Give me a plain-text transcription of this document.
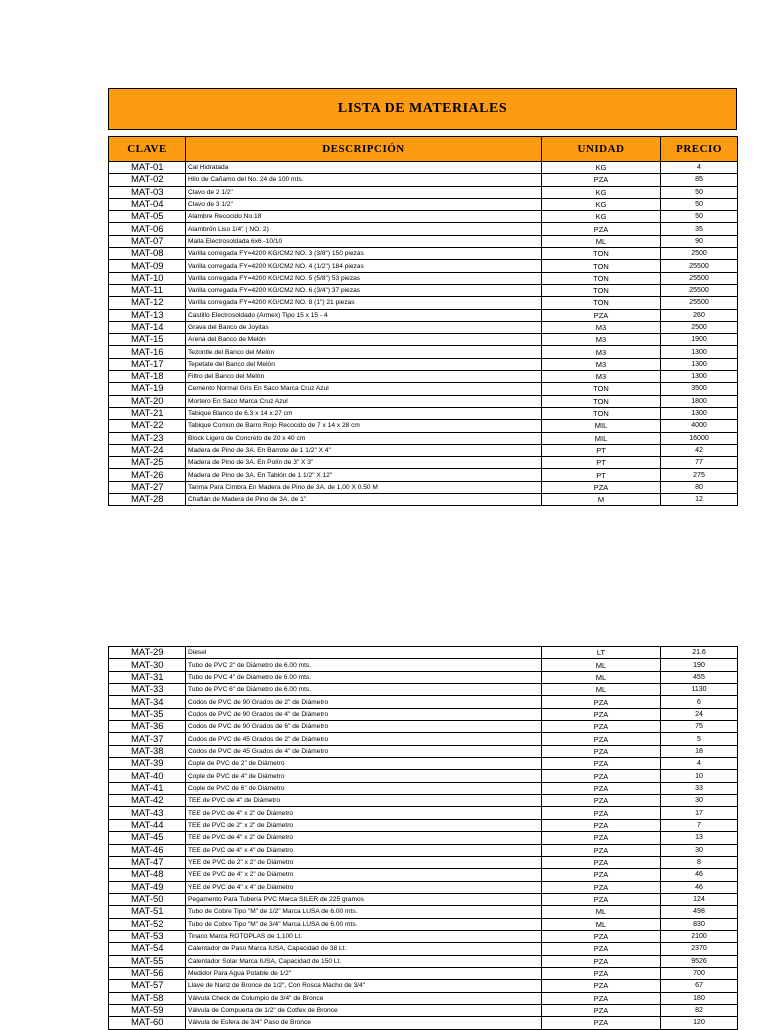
LISTA DE MATERIALES
CLAVE	DESCRIPCIÓN	UNIDAD	PRECIO
MAT-01	Cal Hidratada	KG	4
MAT-02	Hilo de Cañamo del No. 24 de 100 mts.	PZA	85
MAT-03	Clavo de 2 1/2"	KG	50
MAT-04	Clavo de 3 1/2"	KG	50
MAT-05	Alambre Recocido No.18	KG	50
MAT-06	Alambrón Liso 1/4" ( NO. 2)	PZA	35
MAT-07	Malla Electrosoldada 6x6 -10/10	ML	90
MAT-08	Varilla corregada FY=4200 KG/CM2 NO. 3 (3/8") 150 piezas	TON	2500
MAT-09	Varilla corregada FY=4200 KG/CM2 NO. 4 (1/2") 184 piezas	TON	25500
MAT-10	Varilla corregada FY=4200 KG/CM2 NO. 5 (5/8") 53 piezas	TON	25500
MAT-11	Varilla corregada FY=4200 KG/CM2 NO. 6 (3/4") 37 piezas	TON	25500
MAT-12	Varilla corregada FY=4200 KG/CM2 NO. 8 (1") 21 piezas	TON	25500
MAT-13	Castillo Electrosoldado (Armex) Tipo 15 x 15 - 4	PZA	260
MAT-14	Grava del Banco de Joyitas	M3	2500
MAT-15	Arena del Banco de Melón	M3	1900
MAT-16	Tezontle del Banco del Melón	M3	1300
MAT-17	Tepetate del Banco del Melón	M3	1300
MAT-18	Filtro del Banco del Melón	M3	1300
MAT-19	Cemento Normal Gris En Saco Marca Cruz Azul	TON	3500
MAT-20	Mortero En Saco Marca Cruz Azul	TON	1800
MAT-21	Tabique Blanco de 6.3 x 14 x 27 cm	TON	1300
MAT-22	Tabique Común de Barro Rojo Recocido de 7 x 14 x 28 cm	MIL	4000
MAT-23	Block Ligero de Concreto de 20 x 40 cm	MIL	16000
MAT-24	Madera de Pino de 3A. En Barrote de 1 1/2" X 4"	PT	42
MAT-25	Madera de Pino de 3A. En Polín de 3" X 3"	PT	77
MAT-26	Madera de Pino de 3A. En Tablón de 1 1/2" X 12"	PT	275
MAT-27	Tarima Para Cimbra En Madera de Pino de 3A. de 1.00 X 0.50 M	PZA	80
MAT-28	Chaflán de Madera de Pino de 3A. de 1"	M	12
MAT-29	Diesel	LT	21.6
MAT-30	Tubo de PVC 2" de Diámetro de 6.00 mts.	ML	190
MAT-31	Tubo de PVC 4" de Diámetro de 6.00 mts.	ML	455
MAT-33	Tubo de PVC 6" de Diámetro de 6.00 mts.	ML	1130
MAT-34	Codos de PVC de 90 Grados de 2" de Diámetro	PZA	6
MAT-35	Codos de PVC de 90 Grados de 4" de Diámetro	PZA	24
MAT-36	Codos de PVC de 90 Grados de 6" de Diámetro	PZA	75
MAT-37	Codos de PVC de 45 Grados de 2" de Diámetro	PZA	5
MAT-38	Codos de PVC de 45 Grados de 4" de Diámetro	PZA	18
MAT-39	Cople de PVC de 2" de Diámetro	PZA	4
MAT-40	Cople de PVC de 4" de Diámetro	PZA	10
MAT-41	Cople de PVC de 6" de Diámetro	PZA	33
MAT-42	TEE de PVC de 4" de Diámetro	PZA	30
MAT-43	TEE de PVC de 4" x 2" de Diámetro	PZA	17
MAT-44	TEE de PVC de 2" x 2" de Diámetro	PZA	7
MAT-45	TEE de PVC de 4" x 2" de Diámetro	PZA	13
MAT-46	TEE de PVC de 4" x 4" de Diámetro	PZA	30
MAT-47	YEE de PVC de 2" x 2" de Diámetro	PZA	8
MAT-48	YEE de PVC de 4" x 2" de Diámetro	PZA	46
MAT-49	YEE de PVC de 4" x 4" de Diámetro	PZA	46
MAT-50	Pegamento Para Tubería PVC Marca SILER de 225 gramos	PZA	124
MAT-51	Tubo de Cobre Tipo "M" de 1/2" Marca LUSA de 6.00 mts.	ML	498
MAT-52	Tubo de Cobre Tipo "M" de 3/4" Marca LUSA de 6.00 mts.	ML	830
MAT-53	Tinaco Marca ROTOPLAS de 1,100 Lt.	PZA	2100
MAT-54	Calentador de Paso Marca IUSA, Capacidad de 38 Lt.	PZA	2370
MAT-55	Calentador Solar Marca IUSA, Capacidad de 150 Lt.	PZA	9526
MAT-56	Medidor Para Agua Potable de 1/2"	PZA	700
MAT-57	Llave de Nariz de Bronce de 1/2", Con Rosca Macho de 3/4"	PZA	67
MAT-58	Válvula Check de Columpio de 3/4" de Bronce	PZA	180
MAT-59	Válvula de Compuerta de 1/2" de Cotfex de Bronce	PZA	82
MAT-60	Válvula de Esfera de 3/4" Paso de Bronce	PZA	120
